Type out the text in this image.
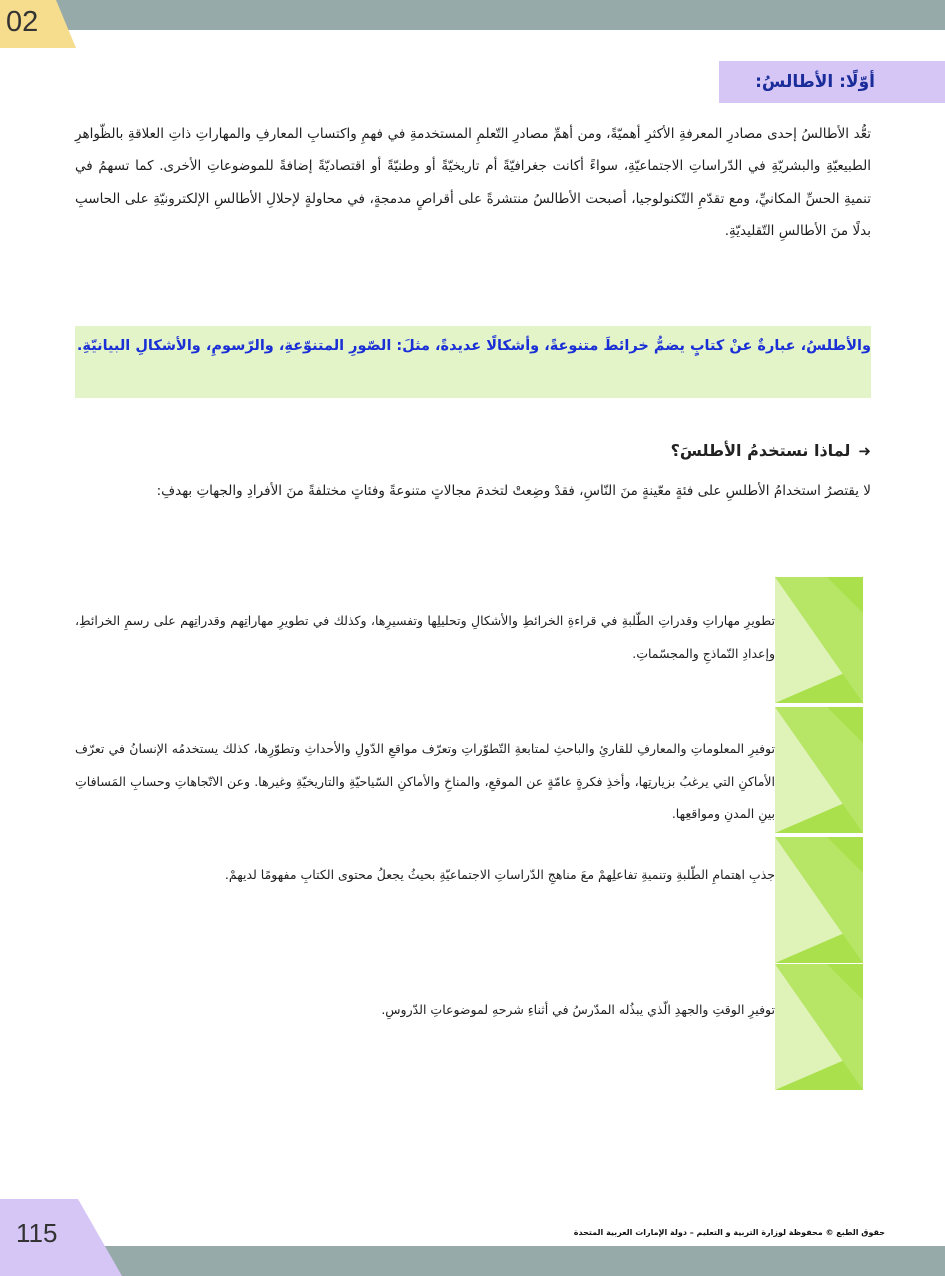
02
أوّلًا: الأطالسُ:

تعُّد الأطالسُ إحدى مصادرِ المعرفةِ الأكثرِ أهميّةً، ومن أهمِّ مصادرِ التّعلمِ المستخدمةِ في فهمِ واكتسابِ المعارفِ والمهاراتِ ذاتِ العلاقةِ بالظّواهرِ الطبيعيّةِ والبشريّةِ في الدّراساتِ الاجتماعيّةِ، سواءً أكانت جغرافيّةً أم تاريخيّةً أو وطنيّةً أو اقتصاديّةً إضافةً للموضوعاتِ الأخرى. كما تسهمُ في تنميةِ الحسِّ المكانيِّ، ومع تقدّمِ التّكنولوجيا، أصبحت الأطالسُ منتشرةً على أقراصٍ مدمجةٍ، في محاولةٍ لإحلالِ الأطالسِ الإلكترونيّةِ على الحاسبِ بدلًا منَ الأطالسِ التّقليديّةِ.

والأطلسُ، عبارةٌ عنْ كتابٍ يضمُّ خرائطَ متنوعةً، وأشكالًا عديدةً، مثلَ: الصّورِ المتنوّعةِ، والرّسومِ، والأشكالِ البيانيّةِ.

➜لماذا نستخدمُ الأطلسَ؟

لا يقتصرُ استخدامُ الأطلسِ على فئةٍ معّينةٍ منَ النّاسِ، فقدْ وضِعتْ لتخدمَ مجالاتٍ متنوعةً وفئاتٍ مختلفةً منَ الأفرادِ والجهاتِ بهدفِ:

تطويرِ مهاراتِ وقدراتِ الطّلبةِ في قراءةِ الخرائطِ والأشكالِ وتحليلِها وتفسيرِها، وكذلك في تطويرِ مهاراتِهم وقدراتِهم على رسمِ الخرائطِ، وإعدادِ النّماذجِ والمجسّماتِ.

توفيرِ المعلوماتِ والمعارفِ للقارئِ والباحثِ لمتابعةِ التّطوّراتِ وتعرّف مواقعِ الدّولِ والأحداثِ وتطوّرِها، كذلك يستخدمُه الإنسانُ في تعرّف الأماكنِ التي يرغبُ بزيارتِها، وأخذِ فكرةٍ عامّةٍ عن الموقعِ، والمناخِ والأماكنِ السّياحيّةِ والتاريخيّةِ وغيرها. وعن الاتّجاهاتِ وحسابِ المَسافاتِ بينِ المدنِ ومواقعِها.

جذبِ اهتمامِ الطّلبةِ وتنميةِ تفاعلِهمْ معَ مناهجِ الدّراساتِ الاجتماعيّةِ بحيثُ يجعلُ محتوى الكتابِ مفهومًا لديهمْ.

توفيرِ الوقتِ والجهدِ الّذي يبذُله المدّرسُ في أثناءِ شرحهِ لموضوعاتِ الدّروسِ.

115	حقوق الطبع © محفوظة لوزارة التربية و التعليم – دولة الإمارات العربية المتحدة
